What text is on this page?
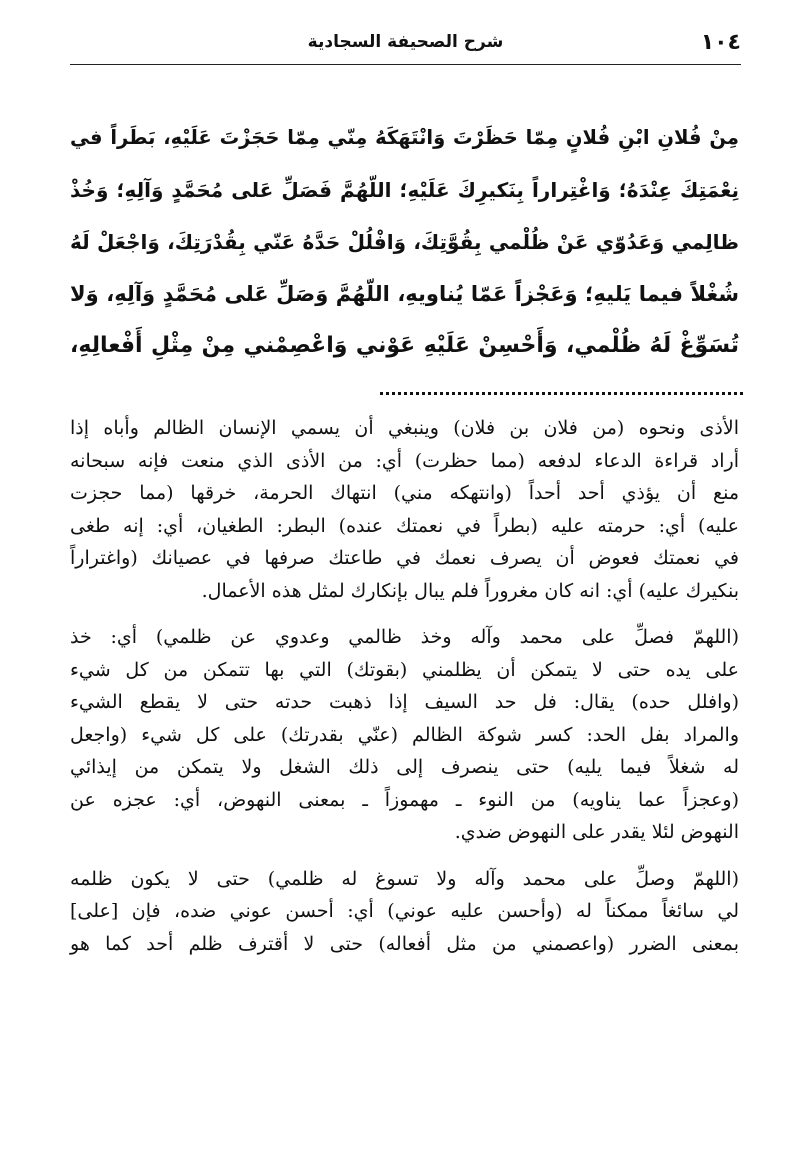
١٠٤
شرح الصحيفة السجادية
مِنْ فُلانِ ابْنِ فُلانٍ مِمّا حَظَرْتَ وَانْتَهَكَهُ مِنّي مِمّا حَجَزْتَ عَلَيْهِ، بَطَراً في
نِعْمَتِكَ عِنْدَهُ؛ وَاغْتِراراً بِنَكيرِكَ عَلَيْهِ؛ اللّهُمَّ فَصَلِّ عَلى مُحَمَّدٍ وَآلِهِ؛ وَخُذْ
ظالِمي وَعَدُوّي عَنْ ظُلْمي بِقُوَّتِكَ، وَافْلُلْ حَدَّهُ عَنّي بِقُدْرَتِكَ، وَاجْعَلْ لَهُ
شُغْلاً فيما يَليهِ؛ وَعَجْزاً عَمّا يُناويهِ، اللّهُمَّ وَصَلِّ عَلى مُحَمَّدٍ وَآلِهِ، وَلا
تُسَوِّغْ لَهُ ظُلْمي، وَأَحْسِنْ عَلَيْهِ عَوْني وَاعْصِمْني مِنْ مِثْلِ أَفْعالِهِ،
الأذى ونحوه (من فلان بن فلان) وينبغي أن يسمي الإنسان الظالم وأباه إذا
أراد قراءة الدعاء لدفعه (مما حظرت) أي: من الأذى الذي منعت فإنه سبحانه
منع أن يؤذي أحد أحداً (وانتهكه مني) انتهاك الحرمة، خرقها (مما حجزت
عليه) أي: حرمته عليه (بطراً في نعمتك عنده) البطر: الطغيان، أي: إنه طغى
في نعمتك فعوض أن يصرف نعمك في طاعتك صرفها في عصيانك (واغتراراً
بنكيرك عليه) أي: انه كان مغروراً فلم يبال بإنكارك لمثل هذه الأعمال.
(اللهمّ فصلِّ على محمد وآله وخذ ظالمي وعدوي عن ظلمي) أي: خذ
على يده حتى لا يتمكن أن يظلمني (بقوتك) التي بها تتمكن من كل شيء
(وافلل حده) يقال: فل حد السيف إذا ذهبت حدته حتى لا يقطع الشيء
والمراد بفل الحد: كسر شوكة الظالم (عنّي بقدرتك) على كل شيء (واجعل
له شغلاً فيما يليه) حتى ينصرف إلى ذلك الشغل ولا يتمكن من إيذائي
(وعجزاً عما يناويه) من النوء ـ مهموزاً ـ بمعنى النهوض، أي: عجزه عن
النهوض لئلا يقدر على النهوض ضدي.
(اللهمّ وصلِّ على محمد وآله ولا تسوغ له ظلمي) حتى لا يكون ظلمه
لي سائغاً ممكناً له (وأحسن عليه عوني) أي: أحسن عوني ضده، فإن [على]
بمعنى الضرر (واعصمني من مثل أفعاله) حتى لا أقترف ظلم أحد كما هو
